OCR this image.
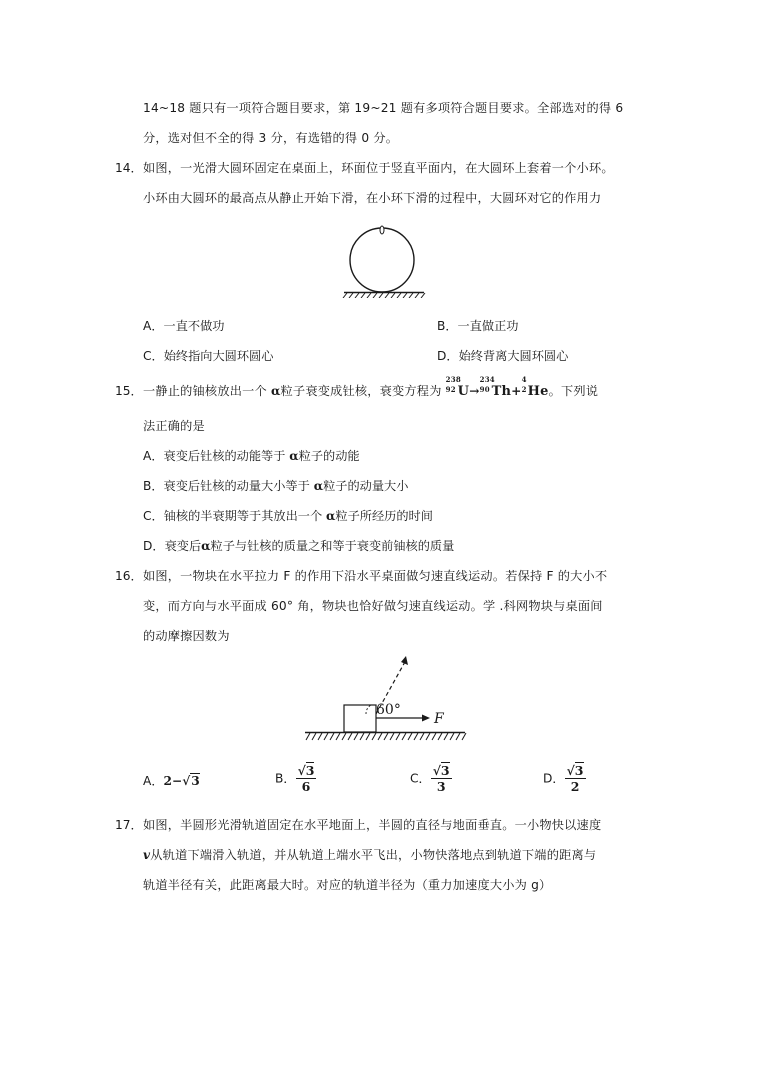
14~18 题只有一项符合题目要求，第 19~21 题有多项符合题目要求。全部选对的得 6
分，选对但不全的得 3 分，有选错的得 0 分。
14． 如图，一光滑大圆环固定在桌面上，环面位于竖直平面内，在大圆环上套着一个小环。
小环由大圆环的最高点从静止开始下滑，在小环下滑的过程中，大圆环对它的作用力
A．一直不做功	B．一直做正功
C．始终指向大圆环圆心	D．始终背离大圆环圆心
15． 一静止的铀核放出一个 α粒子衰变成钍核，衰变方程为
238
92 U→
234
90 Th+
4
2 He。下列说
法正确的是
A．衰变后钍核的动能等于 α粒子的动能
B．衰变后钍核的动量大小等于 α粒子的动量大小
C．铀核的半衰期等于其放出一个 α粒子所经历的时间
D．衰变后α粒子与钍核的质量之和等于衰变前铀核的质量
16． 如图，一物块在水平拉力 F 的作用下沿水平桌面做匀速直线运动。若保持 F 的大小不
变，而方向与水平面成 60° 角，物块也恰好做匀速直线运动。学 .科网物块与桌面间
的动摩擦因数为
60°
F
A．2−√3	B． $\frac{√3}{6}$	C． $\frac{√3}{3}$	D． $\frac{√3}{2}$
17． 如图，半圆形光滑轨道固定在水平地面上，半圆的直径与地面垂直。一小物快以速度
v从轨道下端滑入轨道，并从轨道上端水平飞出，小物快落地点到轨道下端的距离与
轨道半径有关，此距离最大时。对应的轨道半径为（重力加速度大小为 g）
